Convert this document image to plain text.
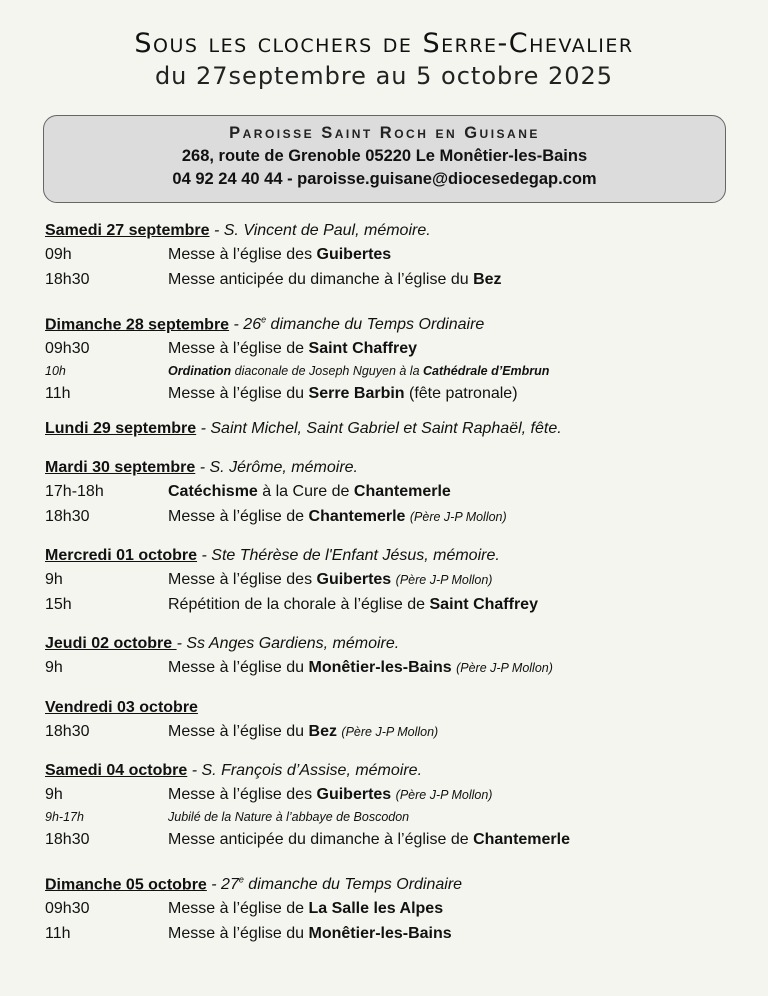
Sous les clochers de Serre-Chevalier
du 27septembre au 5 octobre 2025
Paroisse Saint Roch en Guisane
268, route de Grenoble 05220 Le Monêtier-les-Bains
04 92 24 40 44 - paroisse.guisane@diocesedegap.com
Samedi 27 septembre - S. Vincent de Paul, mémoire.
09h	Messe à l’église des Guibertes
18h30	Messe anticipée du dimanche à l’église du Bez
Dimanche 28 septembre - 26e dimanche du Temps Ordinaire
09h30	Messe à l’église de Saint Chaffrey
10h	Ordination diaconale de Joseph Nguyen à la Cathédrale d’Embrun
11h	Messe à l’église du Serre Barbin (fête patronale)
Lundi 29 septembre - Saint Michel, Saint Gabriel et Saint Raphaël, fête.
Mardi 30 septembre - S. Jérôme, mémoire.
17h-18h	Catéchisme à la Cure de Chantemerle
18h30	Messe à l’église de Chantemerle (Père J-P Mollon)
Mercredi 01 octobre - Ste Thérèse de l'Enfant Jésus, mémoire.
9h	Messe à l’église des Guibertes (Père J-P Mollon)
15h	Répétition de la chorale à l’église de Saint Chaffrey
Jeudi 02 octobre - Ss Anges Gardiens, mémoire.
9h	Messe à l’église du Monêtier-les-Bains (Père J-P Mollon)
Vendredi 03 octobre
18h30	Messe à l’église du Bez (Père J-P Mollon)
Samedi 04 octobre - S. François d’Assise, mémoire.
9h	Messe à l’église des Guibertes (Père J-P Mollon)
9h-17h	Jubilé de la Nature à l’abbaye de Boscodon
18h30	Messe anticipée du dimanche à l’église de Chantemerle
Dimanche 05 octobre - 27e dimanche du Temps Ordinaire
09h30	Messe à l’église de La Salle les Alpes
11h	Messe à l’église du Monêtier-les-Bains
